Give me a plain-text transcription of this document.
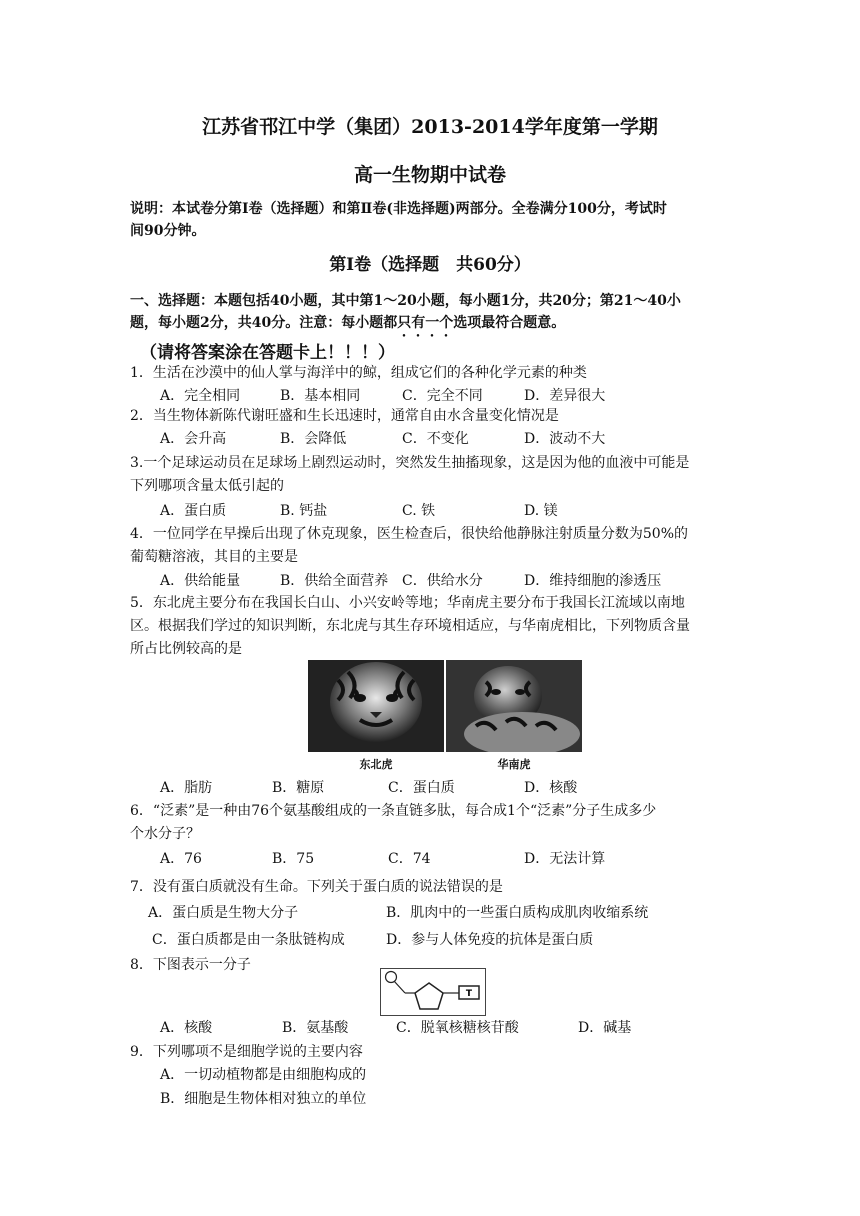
江苏省邗江中学（集团）2013-2014学年度第一学期
高一生物期中试卷
说明：本试卷分第Ⅰ卷（选择题）和第Ⅱ卷(非选择题)两部分。全卷满分100分，考试时
间90分钟。
第Ⅰ卷（选择题　共60分）
一、选择题：本题包括40小题，其中第1～20小题，每小题1分，共20分；第21～40小
题，每小题2分，共40分。注意：每小题都只有一个选项最符合题意。
（请将答案涂在答题卡上！！！）
1．生活在沙漠中的仙人掌与海洋中的鲸，组成它们的各种化学元素的种类
A．完全相同	B．基本相同	C．完全不同	D．差异很大
2．当生物体新陈代谢旺盛和生长迅速时，通常自由水含量变化情况是
A．会升高	B．会降低	C．不变化	D．波动不大
3.一个足球运动员在足球场上剧烈运动时，突然发生抽搐现象，这是因为他的血液中可能是
下列哪项含量太低引起的
A．蛋白质	B. 钙盐	C. 铁	D. 镁
4．一位同学在早操后出现了休克现象，医生检查后，很快给他静脉注射质量分数为50%的
葡萄糖溶液，其目的主要是
A．供给能量	B．供给全面营养 C．供给水分	D．维持细胞的渗透压
5．东北虎主要分布在我国长白山、小兴安岭等地；华南虎主要分布于我国长江流域以南地
区。根据我们学过的知识判断，东北虎与其生存环境相适应，与华南虎相比，下列物质含量
所占比例较高的是
东北虎	华南虎
A．脂肪	B．糖原	C．蛋白质	D．核酸
6．“泛素”是一种由76个氨基酸组成的一条直链多肽，每合成1个“泛素”分子生成多少
个水分子？
A．76	B．75	C．74	D．无法计算
7．没有蛋白质就没有生命。下列关于蛋白质的说法错误的是
A．蛋白质是生物大分子	B．肌肉中的一些蛋白质构成肌肉收缩系统
C．蛋白质都是由一条肽链构成	D．参与人体免疫的抗体是蛋白质
8．下图表示一分子
T
A．核酸	B．氨基酸	C．脱氧核糖核苷酸	D．碱基
9．下列哪项不是细胞学说的主要内容
A．一切动植物都是由细胞构成的
B．细胞是生物体相对独立的单位
